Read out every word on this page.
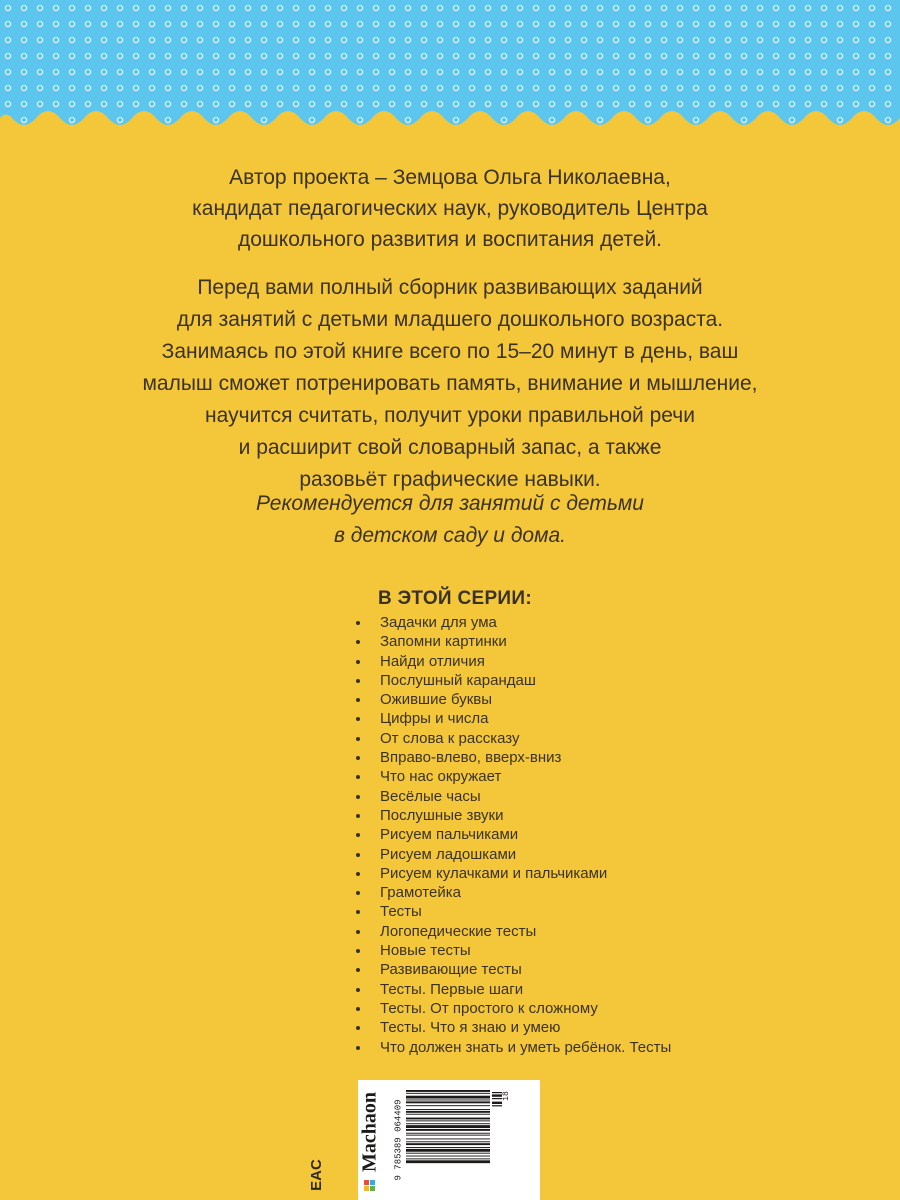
Автор проекта – Земцова Ольга Николаевна,
кандидат педагогических наук, руководитель Центра
дошкольного развития и воспитания детей.
Перед вами полный сборник развивающих заданий
для занятий с детьми младшего дошкольного возраста.
Занимаясь по этой книге всего по 15–20 минут в день, ваш
малыш сможет потренировать память, внимание и мышление,
научится считать, получит уроки правильной речи
и расширит свой словарный запас, а также
разовьёт графические навыки.
Рекомендуется для занятий с детьми
в детском саду и дома.
В ЭТОЙ СЕРИИ:
Задачки для ума
Запомни картинки
Найди отличия
Послушный карандаш
Ожившие буквы
Цифры и числа
От слова к рассказу
Вправо-влево, вверх-вниз
Что нас окружает
Весёлые часы
Послушные звуки
Рисуем пальчиками
Рисуем ладошками
Рисуем кулачками и пальчиками
Грамотейка
Тесты
Логопедические тесты
Новые тесты
Развивающие тесты
Тесты. Первые шаги
Тесты. От простого к сложному
Тесты. Что я знаю и умею
Что должен знать и уметь ребёнок. Тесты
EAC
Machaon 9 785389 064409
18
